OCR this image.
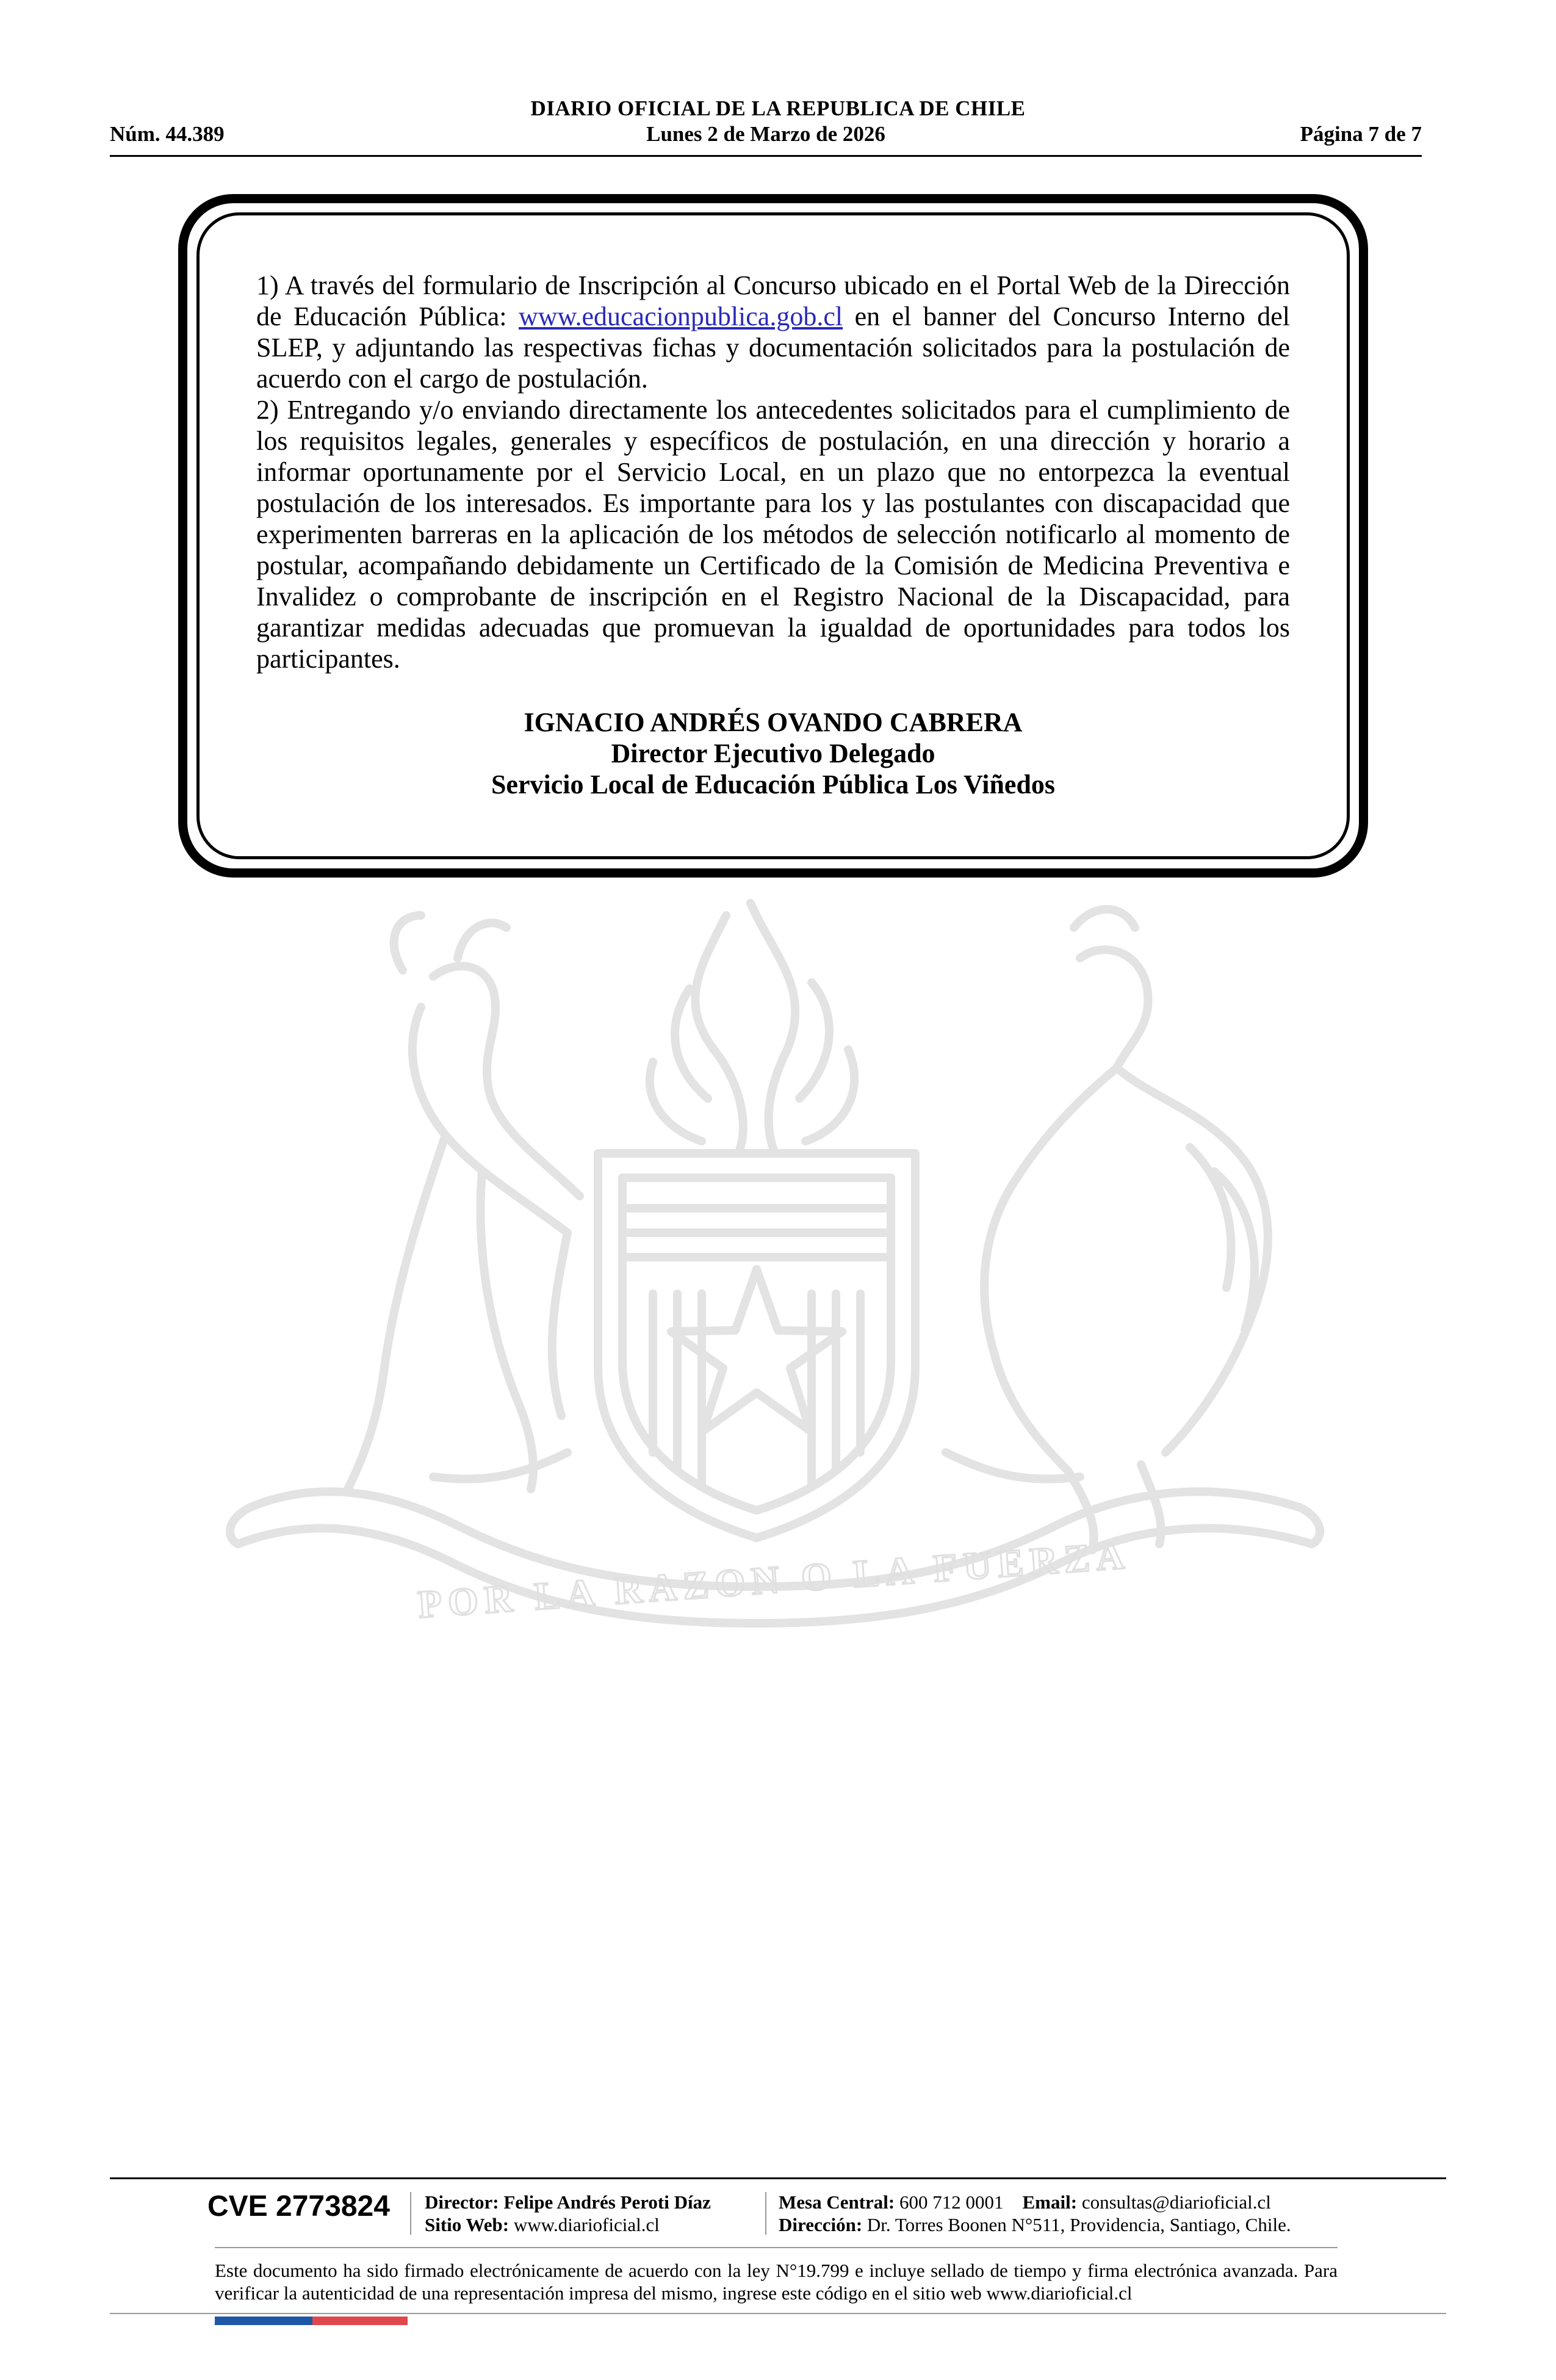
DIARIO OFICIAL DE LA REPUBLICA DE CHILE
Núm. 44.389	Lunes 2 de Marzo de 2026	Página 7 de 7
POR LA RAZON O LA FUERZA

1) A través del formulario de Inscripción al Concurso ubicado en el Portal Web de la Dirección de Educación Pública: www.educacionpublica.gob.cl en el banner del Concurso Interno del SLEP, y adjuntando las respectivas fichas y documentación solicitados para la postulación de acuerdo con el cargo de postulación.

2) Entregando y/o enviando directamente los antecedentes solicitados para el cumplimiento de los requisitos legales, generales y específicos de postulación, en una dirección y horario a informar oportunamente por el Servicio Local, en un plazo que no entorpezca la eventual postulación de los interesados. Es importante para los y las postulantes con discapacidad que experimenten barreras en la aplicación de los métodos de selección notificarlo al momento de postular, acompañando debidamente un Certificado de la Comisión de Medicina Preventiva e Invalidez o comprobante de inscripción en el Registro Nacional de la Discapacidad, para garantizar medidas adecuadas que promuevan la igualdad de oportunidades para todos los participantes.

IGNACIO ANDRÉS OVANDO CABRERA
Director Ejecutivo Delegado
Servicio Local de Educación Pública Los Viñedos
CVE 2773824 Director: Felipe Andrés Peroti Díaz
Sitio Web: www.diarioficial.cl
Mesa Central: 600 712 0001 Email: consultas@diarioficial.cl
Dirección: Dr. Torres Boonen N°511, Providencia, Santiago, Chile.
Este documento ha sido firmado electrónicamente de acuerdo con la ley N°19.799 e incluye sellado de tiempo y firma electrónica avanzada. Para verificar la autenticidad de una representación impresa del mismo, ingrese este código en el sitio web www.diarioficial.cl
